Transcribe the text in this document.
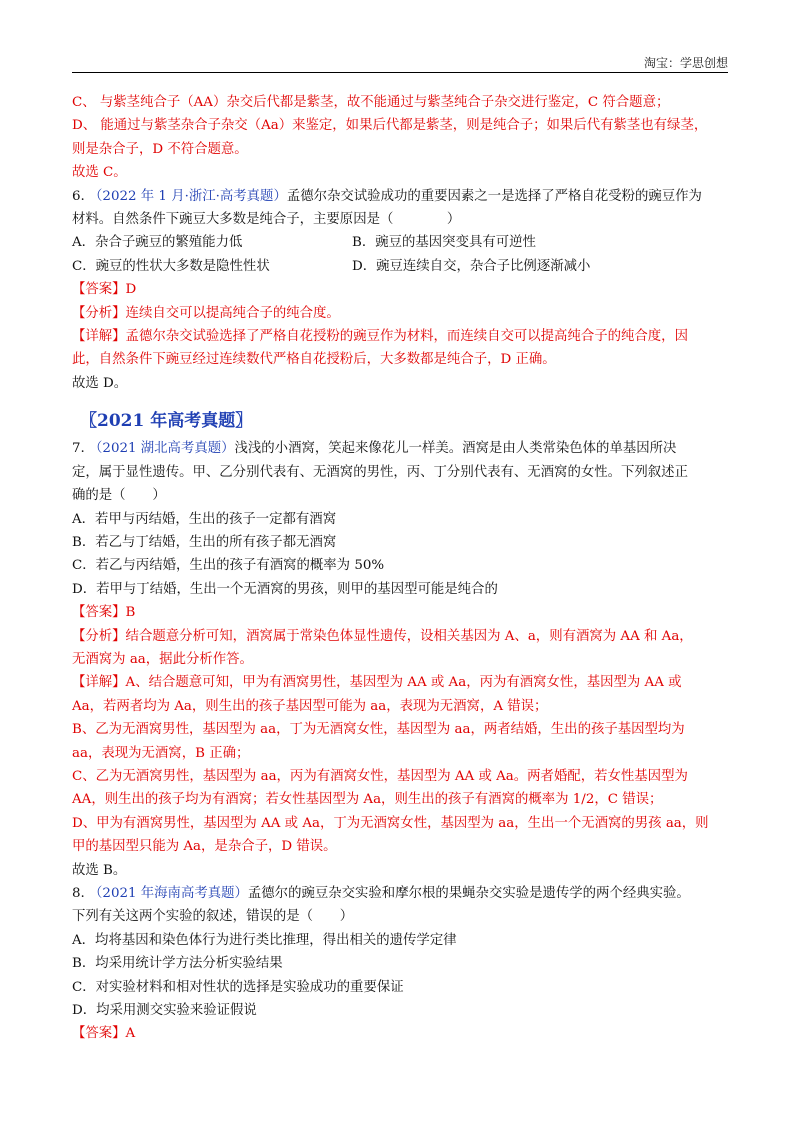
淘宝：学思创想
C、 与紫茎纯合子（AA）杂交后代都是紫茎，故不能通过与紫茎纯合子杂交进行鉴定，C 符合题意；
D、 能通过与紫茎杂合子杂交（Aa）来鉴定，如果后代都是紫茎，则是纯合子；如果后代有紫茎也有绿茎，
则是杂合子，D 不符合题意。
故选 C。
6. （2022 年 1 月·浙江·高考真题）孟德尔杂交试验成功的重要因素之一是选择了严格自花受粉的豌豆作为
材料。自然条件下豌豆大多数是纯合子，主要原因是（　　　　）
A．杂合子豌豆的繁殖能力低	B．豌豆的基因突变具有可逆性
C．豌豆的性状大多数是隐性性状	D．豌豆连续自交，杂合子比例逐渐减小
【答案】D
【分析】连续自交可以提高纯合子的纯合度。
【详解】孟德尔杂交试验选择了严格自花授粉的豌豆作为材料，而连续自交可以提高纯合子的纯合度，因
此，自然条件下豌豆经过连续数代严格自花授粉后，大多数都是纯合子，D 正确。
故选 D。
〖2021 年高考真题〗
7. （2021 湖北高考真题）浅浅的小酒窝，笑起来像花儿一样美。酒窝是由人类常染色体的单基因所决
定，属于显性遗传。甲、乙分别代表有、无酒窝的男性，丙、丁分别代表有、无酒窝的女性。下列叙述正
确的是（　　）
A．若甲与丙结婚，生出的孩子一定都有酒窝
B．若乙与丁结婚，生出的所有孩子都无酒窝
C．若乙与丙结婚，生出的孩子有酒窝的概率为 50%
D．若甲与丁结婚，生出一个无酒窝的男孩，则甲的基因型可能是纯合的
【答案】B
【分析】结合题意分析可知，酒窝属于常染色体显性遗传，设相关基因为 A、a，则有酒窝为 AA 和 Aa，
无酒窝为 aa，据此分析作答。
【详解】A、结合题意可知，甲为有酒窝男性，基因型为 AA 或 Aa，丙为有酒窝女性，基因型为 AA 或
Aa，若两者均为 Aa，则生出的孩子基因型可能为 aa，表现为无酒窝，A 错误；
B、乙为无酒窝男性，基因型为 aa，丁为无酒窝女性，基因型为 aa，两者结婚，生出的孩子基因型均为
aa，表现为无酒窝，B 正确；
C、乙为无酒窝男性，基因型为 aa，丙为有酒窝女性，基因型为 AA 或 Aa。两者婚配，若女性基因型为
AA，则生出的孩子均为有酒窝；若女性基因型为 Aa，则生出的孩子有酒窝的概率为 1/2，C 错误；
D、甲为有酒窝男性，基因型为 AA 或 Aa，丁为无酒窝女性，基因型为 aa，生出一个无酒窝的男孩 aa，则
甲的基因型只能为 Aa，是杂合子，D 错误。
故选 B。
8. （2021 年海南高考真题）孟德尔的豌豆杂交实验和摩尔根的果蝇杂交实验是遗传学的两个经典实验。
下列有关这两个实验的叙述，错误的是（　　）
A．均将基因和染色体行为进行类比推理，得出相关的遗传学定律
B．均采用统计学方法分析实验结果
C．对实验材料和相对性状的选择是实验成功的重要保证
D．均采用测交实验来验证假说
【答案】A
